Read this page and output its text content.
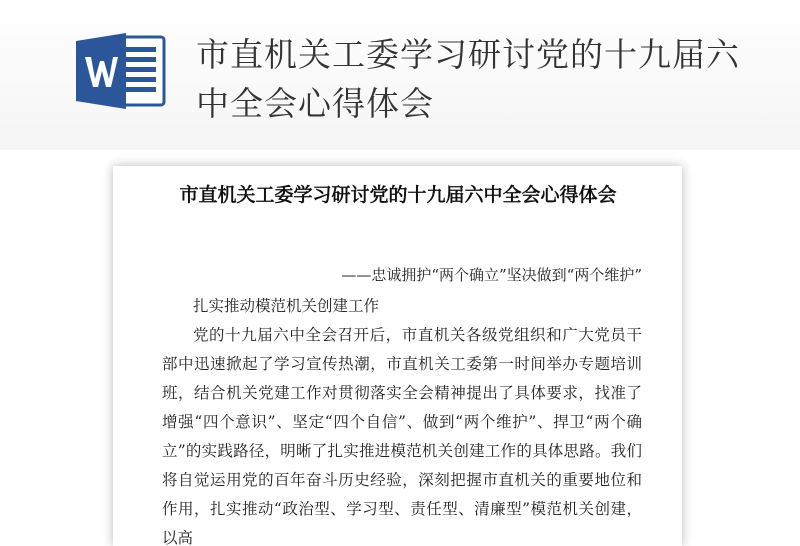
市直机关工委学习研讨党的十九届六中全会心得体会
市直机关工委学习研讨党的十九届六中全会心得体会
——忠诚拥护“两个确立”坚决做到“两个维护”
扎实推动模范机关创建工作
党的十九届六中全会召开后，市直机关各级党组织和广大党员干部中迅速掀起了学习宣传热潮，市直机关工委第一时间举办专题培训班，结合机关党建工作对贯彻落实全会精神提出了具体要求，找准了增强“四个意识”、坚定“四个自信”、做到“两个维护”、捍卫“两个确立”的实践路径，明晰了扎实推进模范机关创建工作的具体思路。我们将自觉运用党的百年奋斗历史经验，深刻把握市直机关的重要地位和作用，扎实推动“政治型、学习型、责任型、清廉型”模范机关创建，以高
